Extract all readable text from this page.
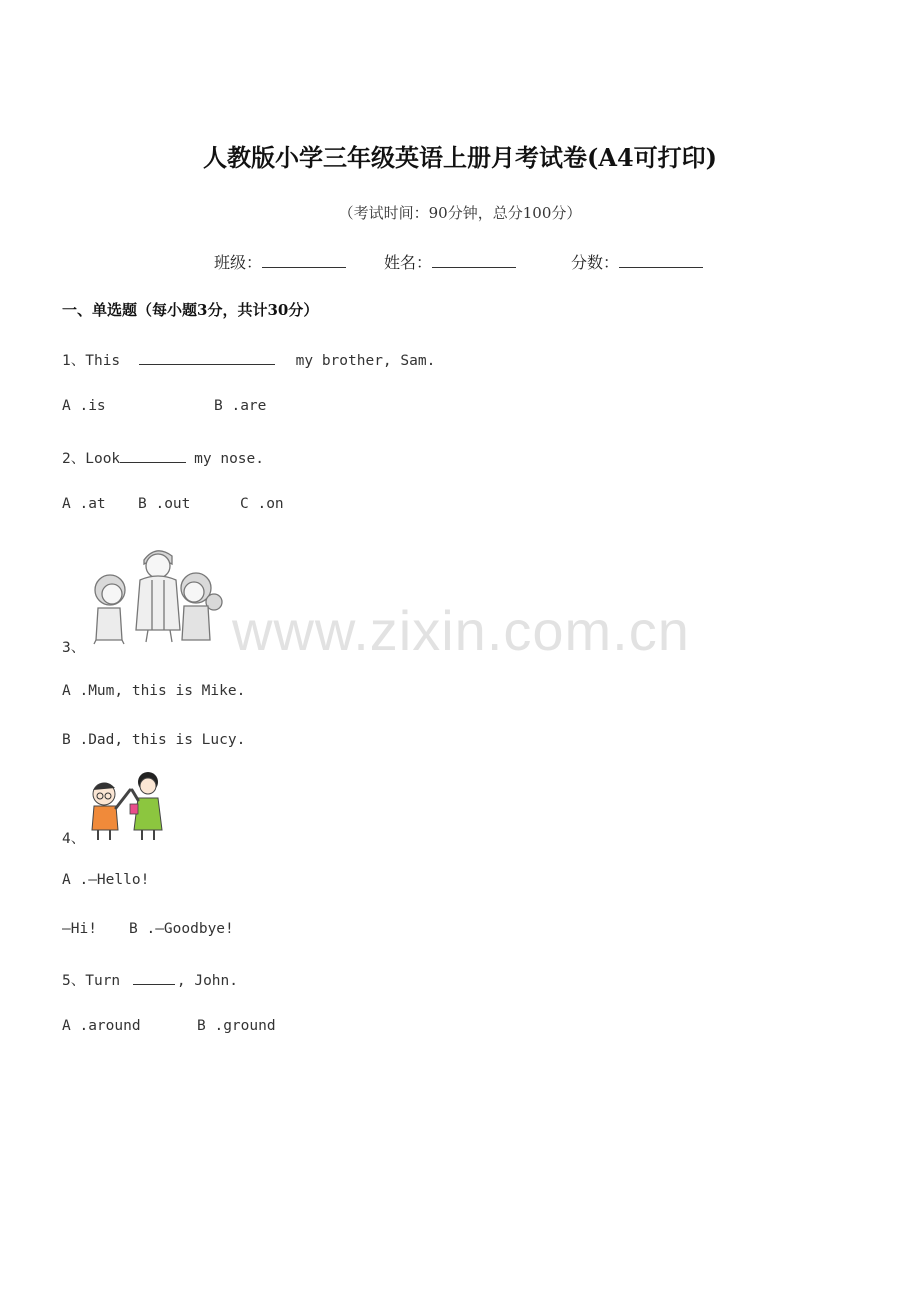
人教版小学三年级英语上册月考试卷(A4可打印)
（考试时间：90分钟，总分100分）
班级：	姓名：	分数：
一、单选题（每小题3分，共计30分）
1、This	my brother, Sam.
A .is	B .are
2、Look	my nose.
A .at B .out	C .on
3、
A .Mum, this is Mike.
B .Dad, this is Lucy.
4、
A .—Hello!
—Hi! B .—Goodbye!
5、Turn	, John.
A .around	B .ground
www.zixin.com.cn
